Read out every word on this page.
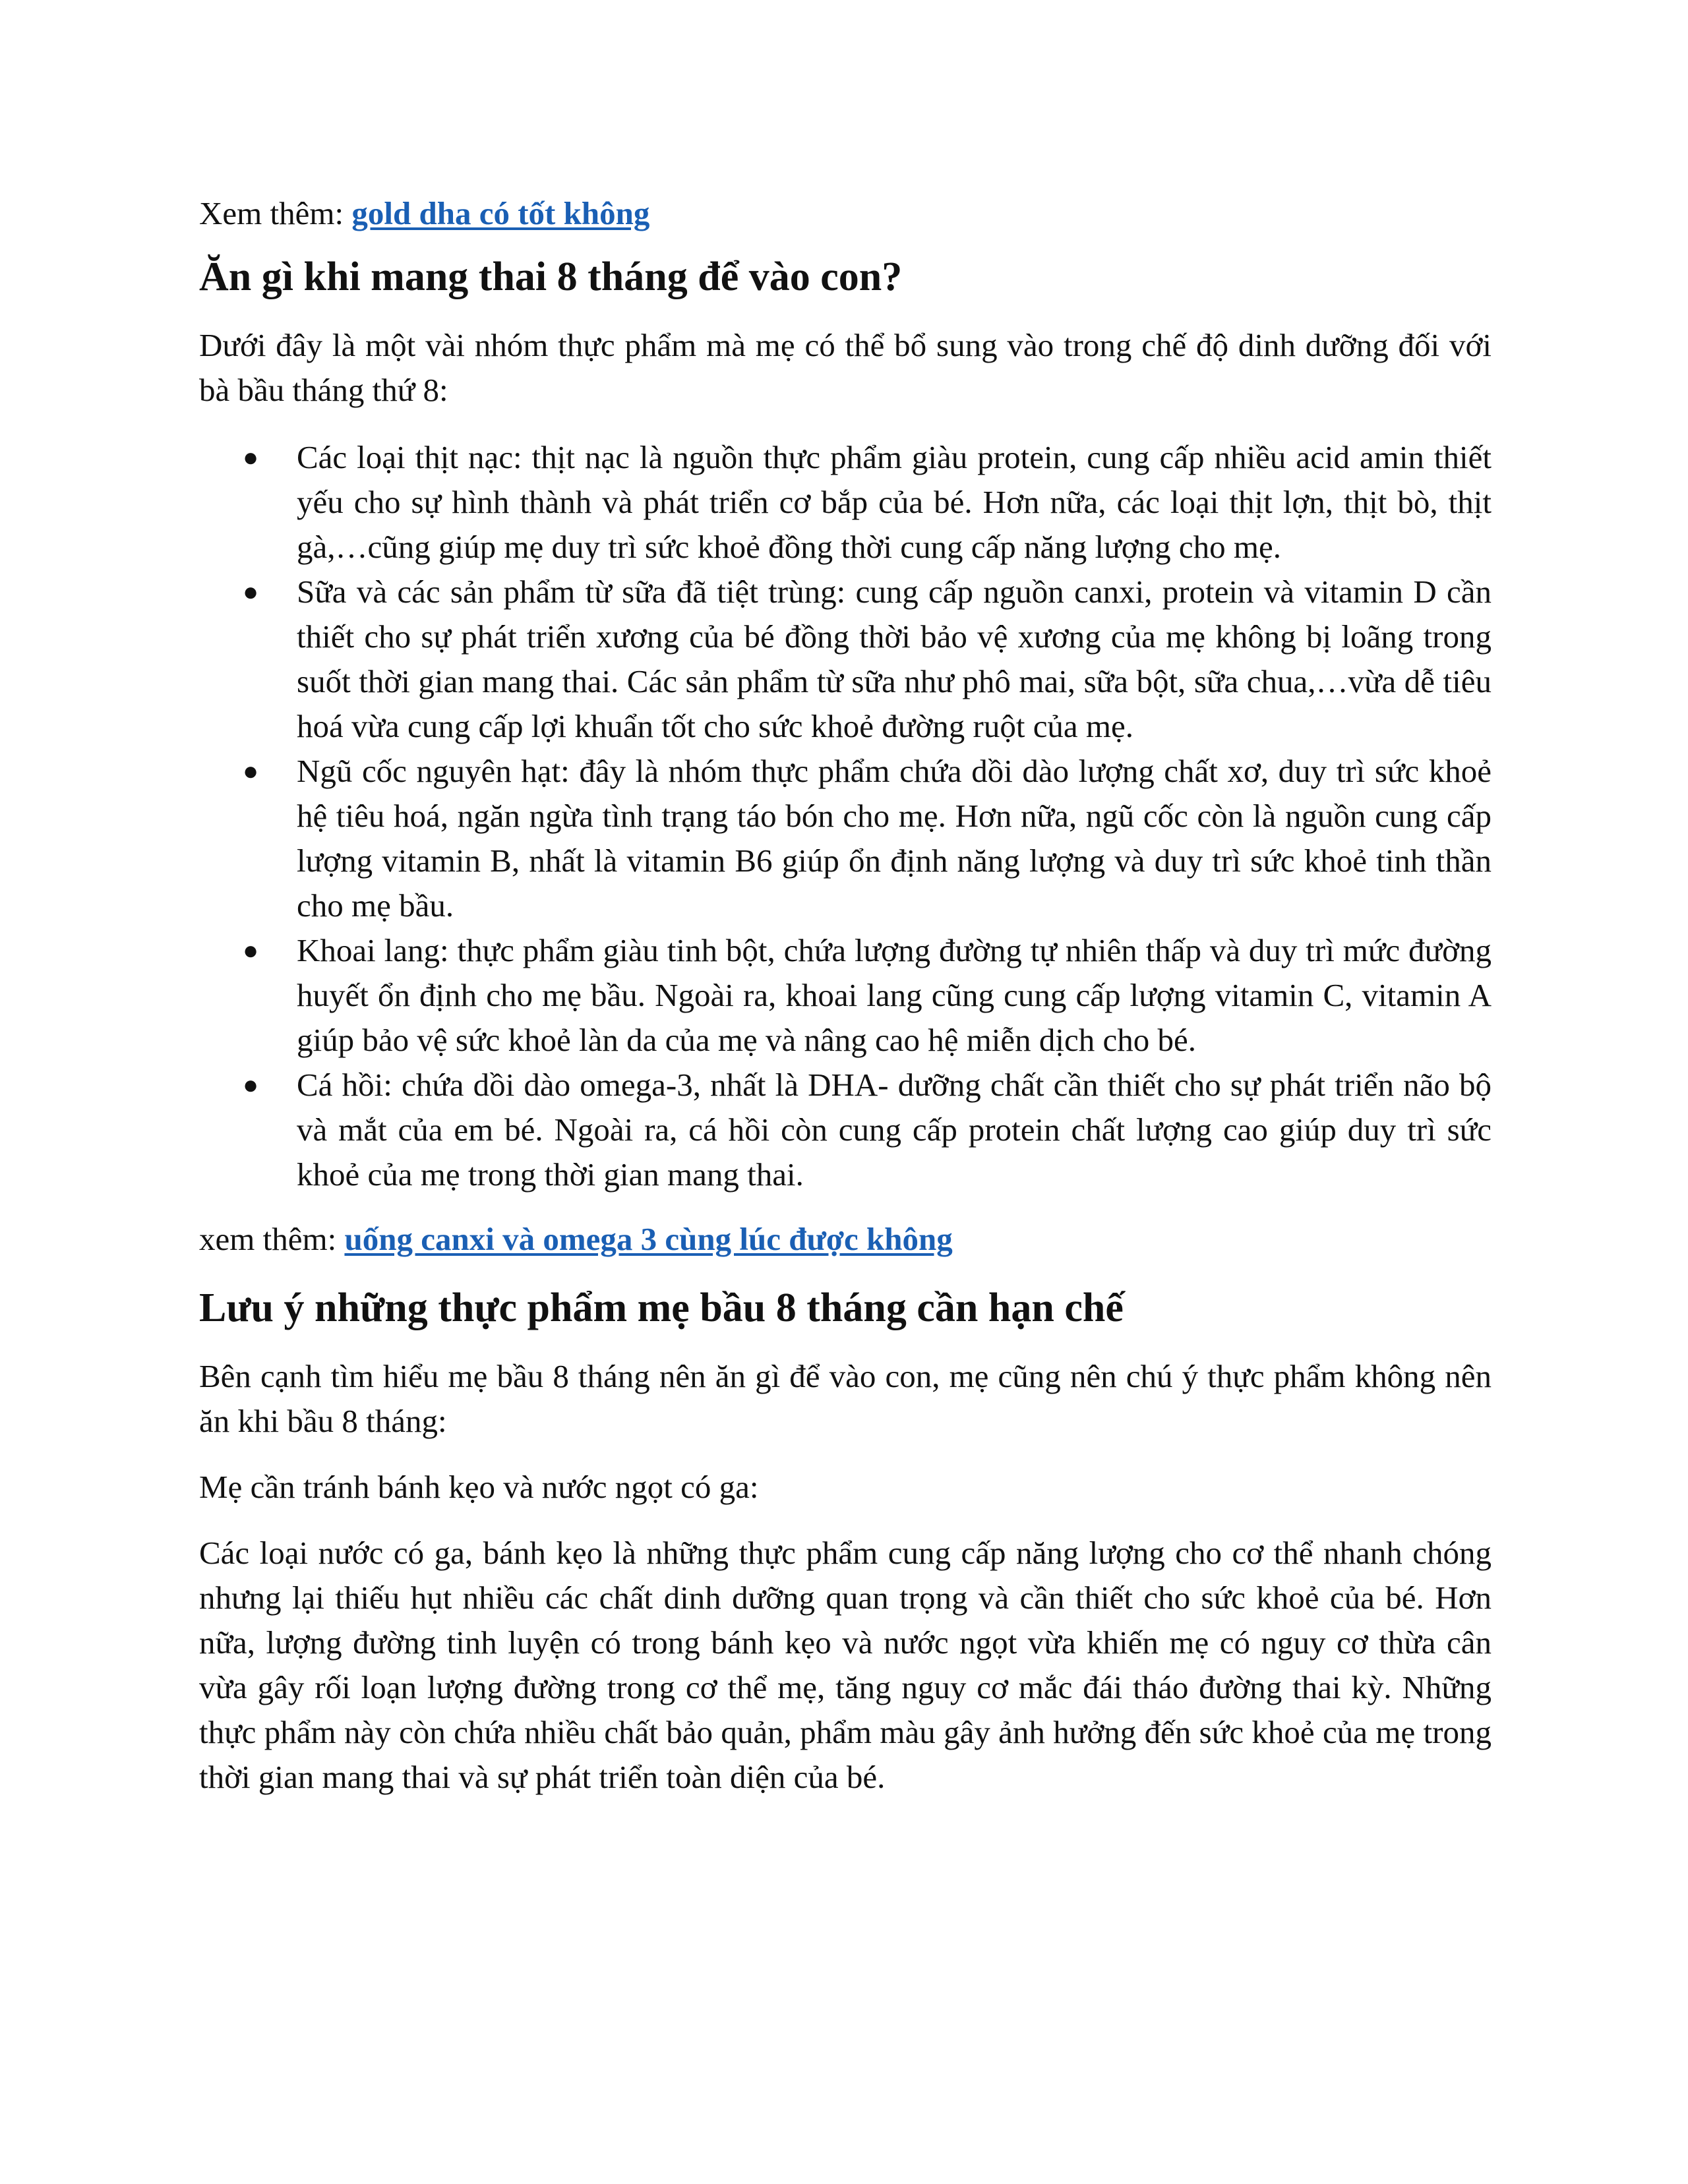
Xem thêm: gold dha có tốt không

Ăn gì khi mang thai 8 tháng để vào con?

Dưới đây là một vài nhóm thực phẩm mà mẹ có thể bổ sung vào trong chế độ dinh dưỡng đối với bà bầu tháng thứ 8:

● Các loại thịt nạc: thịt nạc là nguồn thực phẩm giàu protein, cung cấp nhiều acid amin thiết yếu cho sự hình thành và phát triển cơ bắp của bé. Hơn nữa, các loại thịt lợn, thịt bò, thịt gà,…cũng giúp mẹ duy trì sức khoẻ đồng thời cung cấp năng lượng cho mẹ.
● Sữa và các sản phẩm từ sữa đã tiệt trùng: cung cấp nguồn canxi, protein và vitamin D cần thiết cho sự phát triển xương của bé đồng thời bảo vệ xương của mẹ không bị loãng trong suốt thời gian mang thai. Các sản phẩm từ sữa như phô mai, sữa bột, sữa chua,…vừa dễ tiêu hoá vừa cung cấp lợi khuẩn tốt cho sức khoẻ đường ruột của mẹ.
● Ngũ cốc nguyên hạt: đây là nhóm thực phẩm chứa dồi dào lượng chất xơ, duy trì sức khoẻ hệ tiêu hoá, ngăn ngừa tình trạng táo bón cho mẹ. Hơn nữa, ngũ cốc còn là nguồn cung cấp lượng vitamin B, nhất là vitamin B6 giúp ổn định năng lượng và duy trì sức khoẻ tinh thần cho mẹ bầu.
● Khoai lang: thực phẩm giàu tinh bột, chứa lượng đường tự nhiên thấp và duy trì mức đường huyết ổn định cho mẹ bầu. Ngoài ra, khoai lang cũng cung cấp lượng vitamin C, vitamin A giúp bảo vệ sức khoẻ làn da của mẹ và nâng cao hệ miễn dịch cho bé.
● Cá hồi: chứa dồi dào omega-3, nhất là DHA- dưỡng chất cần thiết cho sự phát triển não bộ và mắt của em bé. Ngoài ra, cá hồi còn cung cấp protein chất lượng cao giúp duy trì sức khoẻ của mẹ trong thời gian mang thai.

xem thêm: uống canxi và omega 3 cùng lúc được không

Lưu ý những thực phẩm mẹ bầu 8 tháng cần hạn chế

Bên cạnh tìm hiểu mẹ bầu 8 tháng nên ăn gì để vào con, mẹ cũng nên chú ý thực phẩm không nên ăn khi bầu 8 tháng:

Mẹ cần tránh bánh kẹo và nước ngọt có ga:

Các loại nước có ga, bánh kẹo là những thực phẩm cung cấp năng lượng cho cơ thể nhanh chóng nhưng lại thiếu hụt nhiều các chất dinh dưỡng quan trọng và cần thiết cho sức khoẻ của bé. Hơn nữa, lượng đường tinh luyện có trong bánh kẹo và nước ngọt vừa khiến mẹ có nguy cơ thừa cân vừa gây rối loạn lượng đường trong cơ thể mẹ, tăng nguy cơ mắc đái tháo đường thai kỳ. Những thực phẩm này còn chứa nhiều chất bảo quản, phẩm màu gây ảnh hưởng đến sức khoẻ của mẹ trong thời gian mang thai và sự phát triển toàn diện của bé.
